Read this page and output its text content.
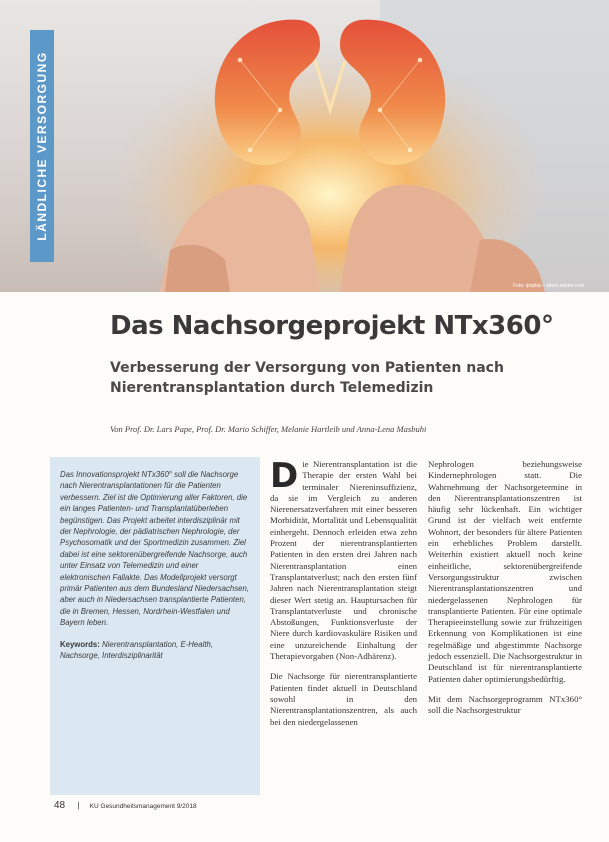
LÄNDLICHE VERSORGUNG
Foto: ipopba – stock.adobe.com
Das Nachsorgeprojekt NTx360°
Verbesserung der Versorgung von Patienten nach Nierentransplantation durch Telemedizin
Von Prof. Dr. Lars Pape, Prof. Dr. Mario Schiffer, Melanie Hartleib und Anna-Lena Masbuhi

Das Innovationsprojekt NTx360° soll die Nachsorge nach Nierentransplantationen für die Patienten verbessern. Ziel ist die Optimierung aller Faktoren, die ein langes Patienten- und Transplantatüberleben begünstigen. Das Projekt arbeitet interdisziplinär mit der Nephrologie, der pädiatrischen Nephrologie, der Psychosomatik und der Sportmedizin zusammen. Ziel dabei ist eine sektorenübergreifende Nachsorge, auch unter Einsatz von Telemedizin und einer elektronischen Fallakte. Das Modellprojekt versorgt primär Patienten aus dem Bundesland Niedersachsen, aber auch in Niedersachsen transplantierte Patienten, die in Bremen, Hessen, Nordrhein-Westfalen und Bayern leben.

Keywords: Nierentransplantation, E-Health, Nachsorge, Interdisziplinarität

Die Nierentransplantation ist die Therapie der ersten Wahl bei terminaler Niereninsuffizienz, da sie im Vergleich zu anderen Nierenersatzverfahren mit einer besseren Morbidität, Mortalität und Lebensqualität einhergeht. Dennoch erleiden etwa zehn Prozent der nierentransplantierten Patienten in den ersten drei Jahren nach Nierentransplantation einen Transplantatverlust; nach den ersten fünf Jahren nach Nierentransplantation steigt dieser Wert stetig an. Hauptursachen für Transplantatverluste und chronische Abstoßungen, Funktionsverluste der Niere durch kardiovaskuläre Risiken und eine unzureichende Einhaltung der Therapievorgaben (Non-Adhärenz).

Die Nachsorge für nierentransplantierte Patienten findet aktuell in Deutschland sowohl in den Nierentransplantationszentren, als auch bei den niedergelassenen

Nephrologen beziehungsweise Kindernephrologen statt. Die Wahrnehmung der Nachsorgetermine in den Nierentransplantationszentren ist häufig sehr lückenhaft. Ein wichtiger Grund ist der vielfach weit entfernte Wohnort, der besonders für ältere Patienten ein erhebliches Problem darstellt. Weiterhin existiert aktuell noch keine einheitliche, sektorenübergreifende Versorgungsstruktur zwischen Nierentransplantationszentren und niedergelassenen Nephrologen für transplantierte Patienten. Für eine optimale Therapieeinstellung sowie zur frühzeitigen Erkennung von Komplikationen ist eine regelmäßige und abgestimmte Nachsorge jedoch essenziell. Die Nachsorgestruktur in Deutschland ist für nierentransplantierte Patienten daher optimierungsbedürftig.

Mit dem Nachsorgeprogramm NTx360° soll die Nachsorgestruktur

48 | KU Gesundheitsmanagement 9/2018
